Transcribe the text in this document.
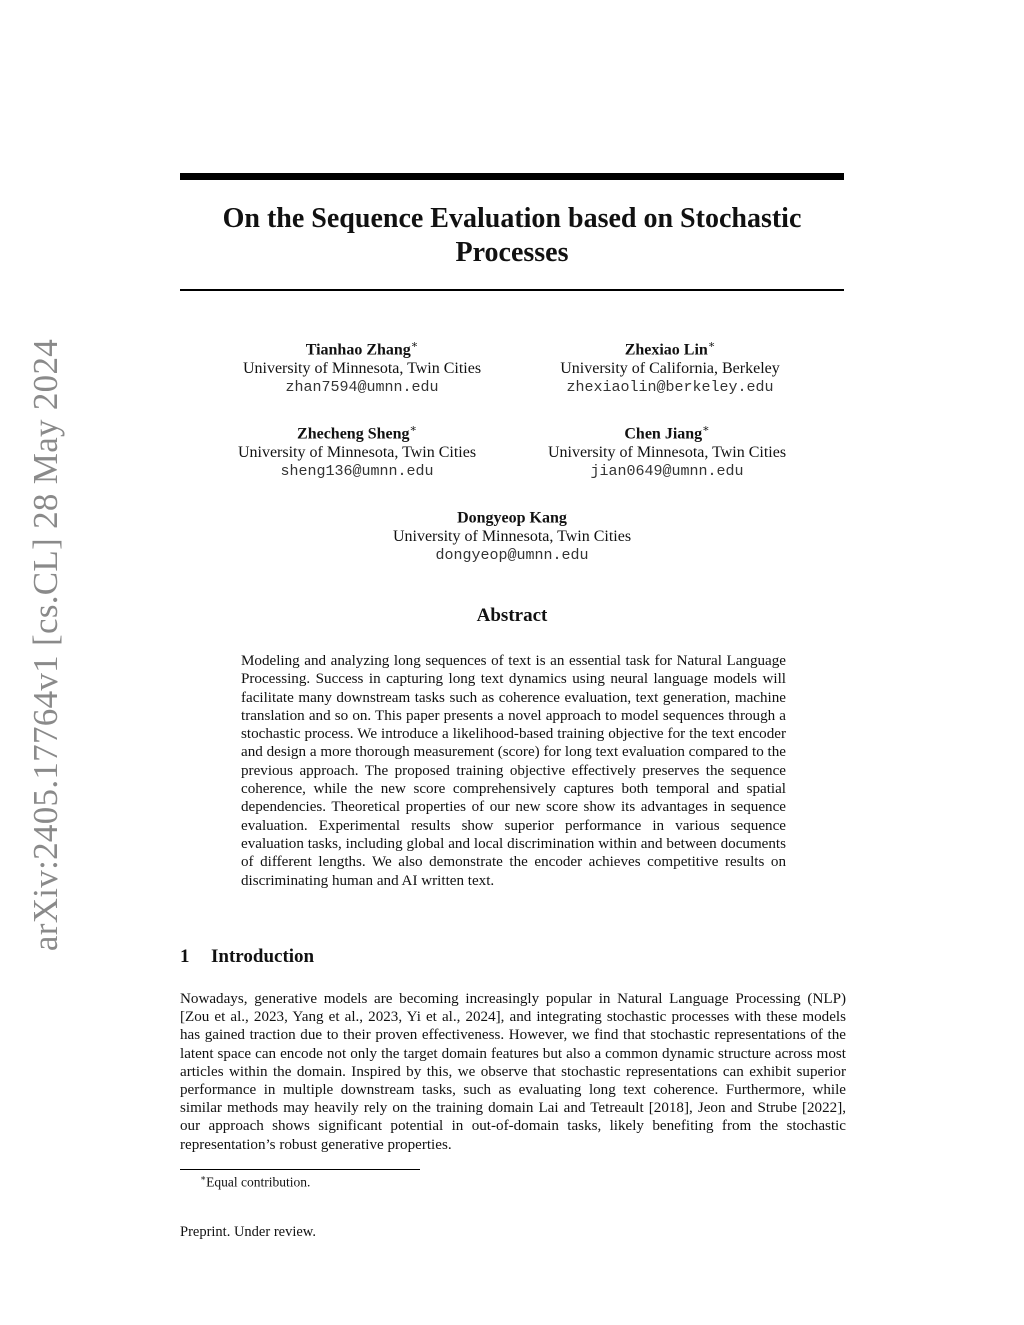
arXiv:2405.17764v1 [cs.CL] 28 May 2024
On the Sequence Evaluation based on Stochastic Processes
Tianhao Zhang∗
University of Minnesota, Twin Cities
zhan7594@umnn.edu
Zhexiao Lin∗
University of California, Berkeley
zhexiaolin@berkeley.edu
Zhecheng Sheng∗
University of Minnesota, Twin Cities
sheng136@umnn.edu
Chen Jiang∗
University of Minnesota, Twin Cities
jian0649@umnn.edu
Dongyeop Kang
University of Minnesota, Twin Cities
dongyeop@umnn.edu
Abstract
Modeling and analyzing long sequences of text is an essential task for Natural Language Processing. Success in capturing long text dynamics using neural language models will facilitate many downstream tasks such as coherence evaluation, text generation, machine translation and so on. This paper presents a novel approach to model sequences through a stochastic process. We introduce a likelihood-based training objective for the text encoder and design a more thorough measurement (score) for long text evaluation compared to the previous approach. The proposed training objective effectively preserves the sequence coherence, while the new score comprehensively captures both temporal and spatial dependencies. Theoretical properties of our new score show its advantages in sequence evaluation. Experimental results show superior performance in various sequence evaluation tasks, including global and local discrimination within and between documents of different lengths. We also demonstrate the encoder achieves competitive results on discriminating human and AI written text.
1 Introduction
Nowadays, generative models are becoming increasingly popular in Natural Language Processing (NLP) [Zou et al., 2023, Yang et al., 2023, Yi et al., 2024], and integrating stochastic processes with these models has gained traction due to their proven effectiveness. However, we find that stochastic representations of the latent space can encode not only the target domain features but also a common dynamic structure across most articles within the domain. Inspired by this, we observe that stochastic representations can exhibit superior performance in multiple downstream tasks, such as evaluating long text coherence. Furthermore, while similar methods may heavily rely on the training domain Lai and Tetreault [2018], Jeon and Strube [2022], our approach shows significant potential in out-of-domain tasks, likely benefiting from the stochastic representation’s robust generative properties.
∗Equal contribution.
Preprint. Under review.
